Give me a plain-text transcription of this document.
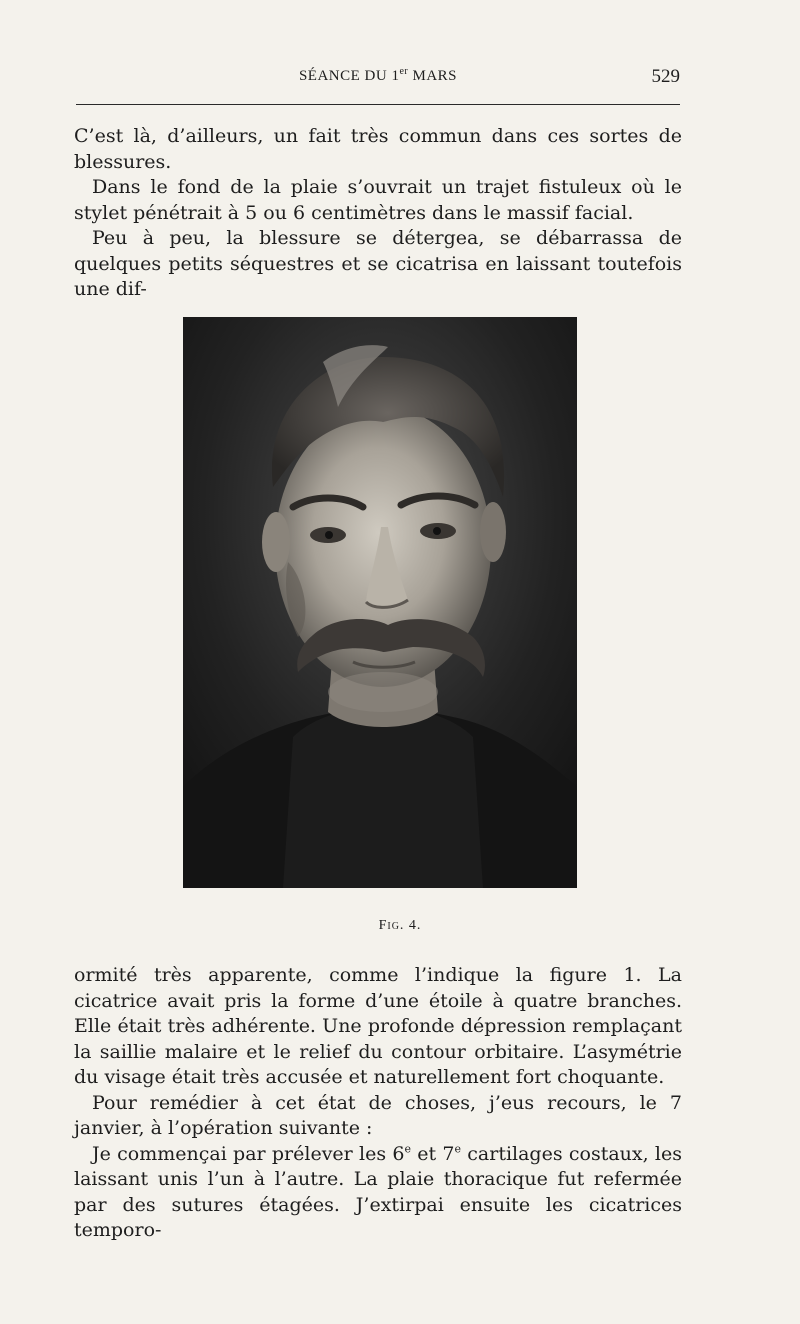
SÉANCE DU 1er MARS	529

C’est là, d’ailleurs, un fait très commun dans ces sortes de blessures.

Dans le fond de la plaie s’ouvrait un trajet fistuleux où le stylet pénétrait à 5 ou 6 centimètres dans le massif facial.

Peu à peu, la blessure se détergea, se débarrassa de quelques petits séquestres et se cicatrisa en laissant toutefois une dif-

Fig. 4.

ormité très apparente, comme l’indique la figure 1. La cicatrice avait pris la forme d’une étoile à quatre branches. Elle était très adhérente. Une profonde dépression remplaçant la saillie malaire et le relief du contour orbitaire. L’asymétrie du visage était très accusée et naturellement fort choquante.

Pour remédier à cet état de choses, j’eus recours, le 7 janvier, à l’opération suivante :

Je commençai par prélever les 6e et 7e cartilages costaux, les laissant unis l’un à l’autre. La plaie thoracique fut refermée par des sutures étagées. J’extirpai ensuite les cicatrices temporo-
